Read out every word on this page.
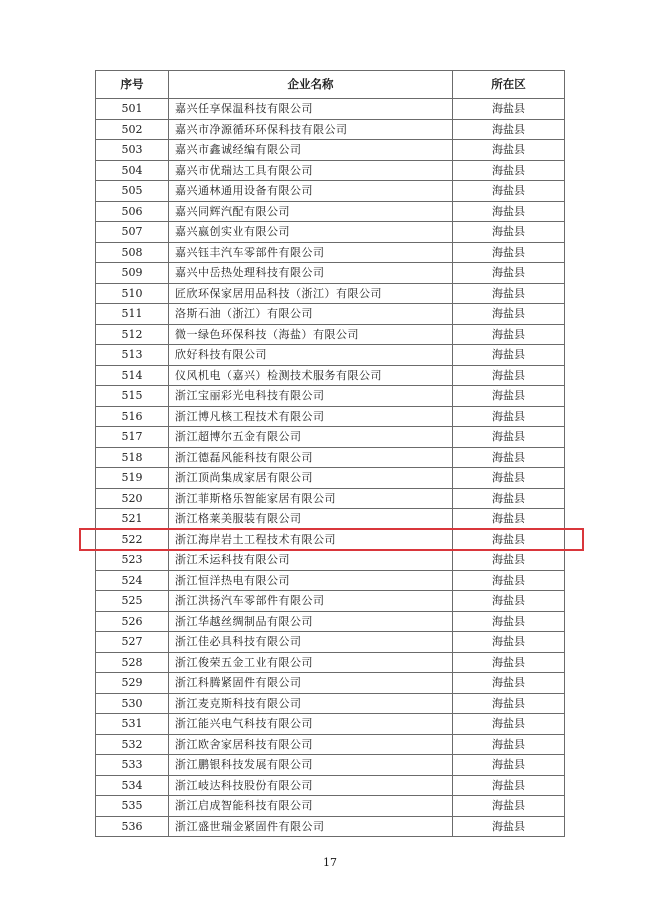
序号	企业名称	所在区
501	嘉兴任享保温科技有限公司	海盐县
502	嘉兴市净源循环环保科技有限公司	海盐县
503	嘉兴市鑫诚经编有限公司	海盐县
504	嘉兴市优瑞达工具有限公司	海盐县
505	嘉兴通林通用设备有限公司	海盐县
506	嘉兴同辉汽配有限公司	海盐县
507	嘉兴嬴创实业有限公司	海盐县
508	嘉兴钰丰汽车零部件有限公司	海盐县
509	嘉兴中岳热处理科技有限公司	海盐县
510	匠欣环保家居用品科技（浙江）有限公司	海盐县
511	洛斯石油（浙江）有限公司	海盐县
512	微一绿色环保科技（海盐）有限公司	海盐县
513	欣好科技有限公司	海盐县
514	仪风机电（嘉兴）检测技术服务有限公司	海盐县
515	浙江宝丽彩光电科技有限公司	海盐县
516	浙江博凡核工程技术有限公司	海盐县
517	浙江超博尔五金有限公司	海盐县
518	浙江德磊风能科技有限公司	海盐县
519	浙江顶尚集成家居有限公司	海盐县
520	浙江菲斯格乐智能家居有限公司	海盐县
521	浙江格莱美服装有限公司	海盐县
522	浙江海岸岩土工程技术有限公司	海盐县
523	浙江禾运科技有限公司	海盐县
524	浙江恒洋热电有限公司	海盐县
525	浙江洪扬汽车零部件有限公司	海盐县
526	浙江华越丝绸制品有限公司	海盐县
527	浙江佳必具科技有限公司	海盐县
528	浙江俊荣五金工业有限公司	海盐县
529	浙江科腾紧固件有限公司	海盐县
530	浙江麦克斯科技有限公司	海盐县
531	浙江能兴电气科技有限公司	海盐县
532	浙江欧舍家居科技有限公司	海盐县
533	浙江鹏银科技发展有限公司	海盐县
534	浙江岐达科技股份有限公司	海盐县
535	浙江启成智能科技有限公司	海盐县
536	浙江盛世瑞金紧固件有限公司	海盐县
17
